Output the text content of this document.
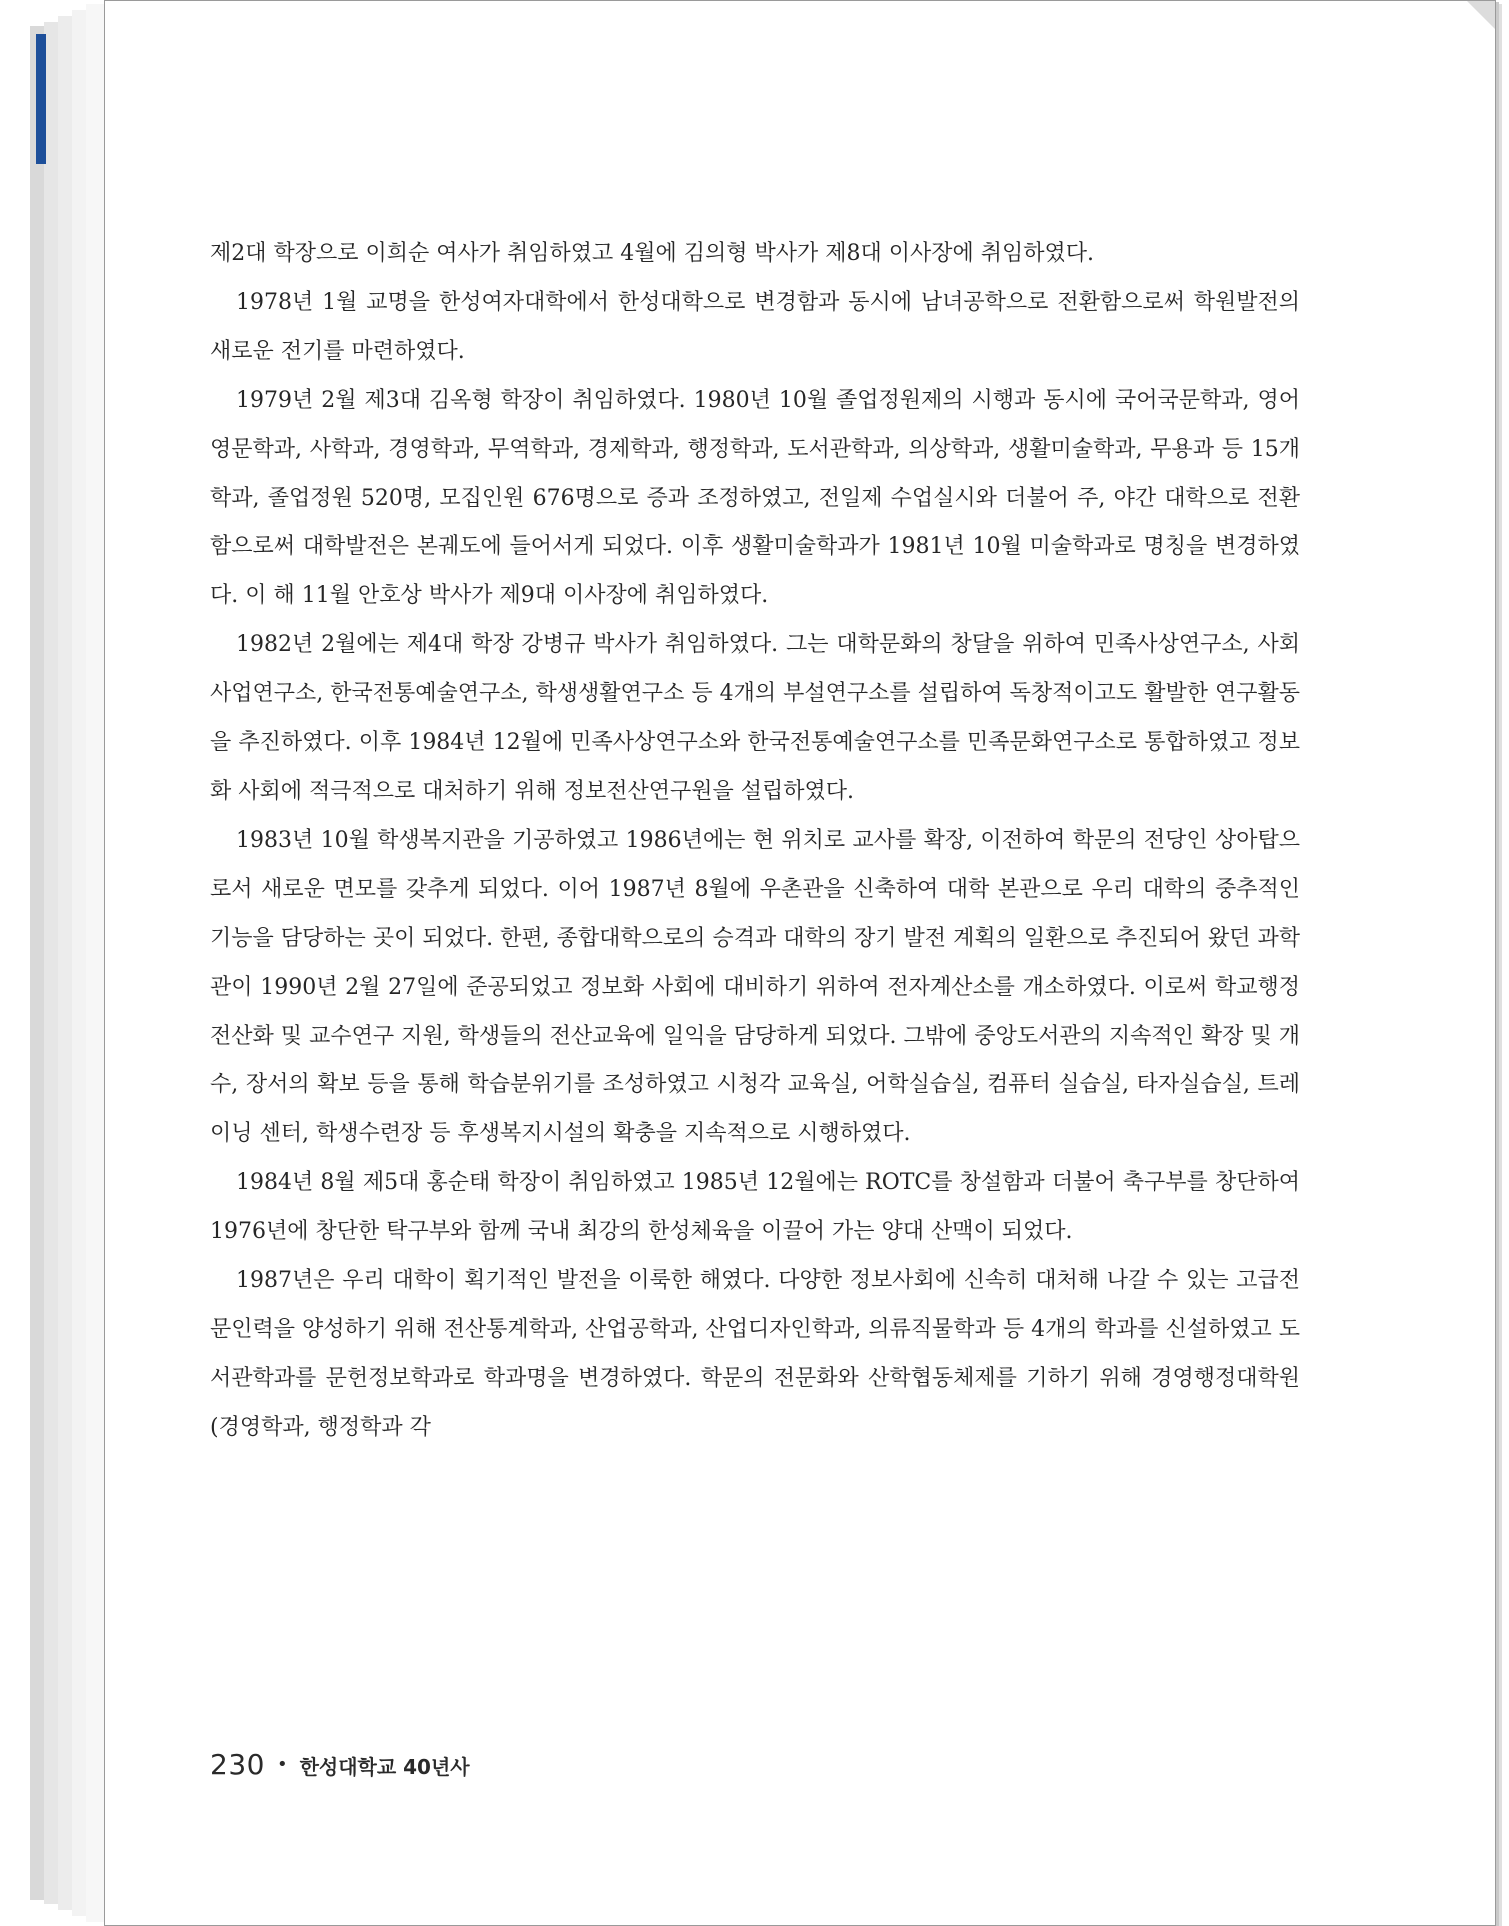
제2대 학장으로 이희순 여사가 취임하였고 4월에 김의형 박사가 제8대 이사장에 취임하였다.

1978년 1월 교명을 한성여자대학에서 한성대학으로 변경함과 동시에 남녀공학으로 전환함으로써 학원발전의 새로운 전기를 마련하였다.

1979년 2월 제3대 김옥형 학장이 취임하였다. 1980년 10월 졸업정원제의 시행과 동시에 국어국문학과, 영어영문학과, 사학과, 경영학과, 무역학과, 경제학과, 행정학과, 도서관학과, 의상학과, 생활미술학과, 무용과 등 15개학과, 졸업정원 520명, 모집인원 676명으로 증과 조정하였고, 전일제 수업실시와 더불어 주, 야간 대학으로 전환함으로써 대학발전은 본궤도에 들어서게 되었다. 이후 생활미술학과가 1981년 10월 미술학과로 명칭을 변경하였다. 이 해 11월 안호상 박사가 제9대 이사장에 취임하였다.

1982년 2월에는 제4대 학장 강병규 박사가 취임하였다. 그는 대학문화의 창달을 위하여 민족사상연구소, 사회사업연구소, 한국전통예술연구소, 학생생활연구소 등 4개의 부설연구소를 설립하여 독창적이고도 활발한 연구활동을 추진하였다. 이후 1984년 12월에 민족사상연구소와 한국전통예술연구소를 민족문화연구소로 통합하였고 정보화 사회에 적극적으로 대처하기 위해 정보전산연구원을 설립하였다.

1983년 10월 학생복지관을 기공하였고 1986년에는 현 위치로 교사를 확장, 이전하여 학문의 전당인 상아탑으로서 새로운 면모를 갖추게 되었다. 이어 1987년 8월에 우촌관을 신축하여 대학 본관으로 우리 대학의 중추적인 기능을 담당하는 곳이 되었다. 한편, 종합대학으로의 승격과 대학의 장기 발전 계획의 일환으로 추진되어 왔던 과학관이 1990년 2월 27일에 준공되었고 정보화 사회에 대비하기 위하여 전자계산소를 개소하였다. 이로써 학교행정 전산화 및 교수연구 지원, 학생들의 전산교육에 일익을 담당하게 되었다. 그밖에 중앙도서관의 지속적인 확장 및 개수, 장서의 확보 등을 통해 학습분위기를 조성하였고 시청각 교육실, 어학실습실, 컴퓨터 실습실, 타자실습실, 트레이닝 센터, 학생수련장 등 후생복지시설의 확충을 지속적으로 시행하였다.

1984년 8월 제5대 홍순태 학장이 취임하였고 1985년 12월에는 ROTC를 창설함과 더불어 축구부를 창단하여 1976년에 창단한 탁구부와 함께 국내 최강의 한성체육을 이끌어 가는 양대 산맥이 되었다.

1987년은 우리 대학이 획기적인 발전을 이룩한 해였다. 다양한 정보사회에 신속히 대처해 나갈 수 있는 고급전문인력을 양성하기 위해 전산통계학과, 산업공학과, 산업디자인학과, 의류직물학과 등 4개의 학과를 신설하였고 도서관학과를 문헌정보학과로 학과명을 변경하였다. 학문의 전문화와 산학협동체제를 기하기 위해 경영행정대학원(경영학과, 행정학과 각

230 • 한성대학교 40년사
